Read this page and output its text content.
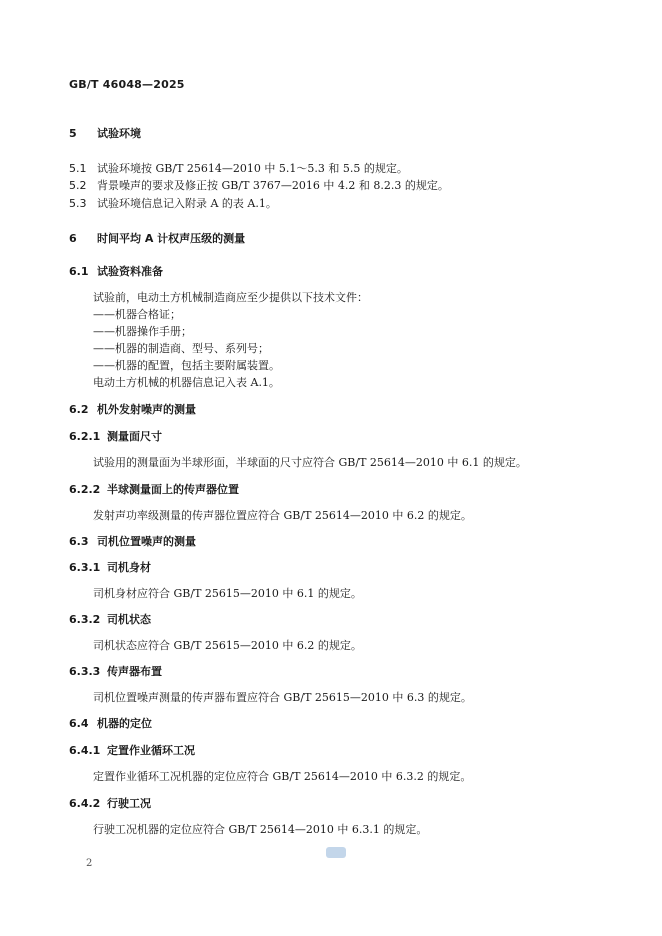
GB/T 46048—2025
5 试验环境
5.1 试验环境按 GB/T 25614—2010 中 5.1～5.3 和 5.5 的规定。
5.2 背景噪声的要求及修正按 GB/T 3767—2016 中 4.2 和 8.2.3 的规定。
5.3 试验环境信息记入附录 A 的表 A.1。
6 时间平均 A 计权声压级的测量
6.1 试验资料准备
试验前，电动土方机械制造商应至少提供以下技术文件：
——机器合格证；
——机器操作手册；
——机器的制造商、型号、系列号；
——机器的配置，包括主要附属装置。
电动土方机械的机器信息记入表 A.1。
6.2 机外发射噪声的测量
6.2.1 测量面尺寸
试验用的测量面为半球形面，半球面的尺寸应符合 GB/T 25614—2010 中 6.1 的规定。
6.2.2 半球测量面上的传声器位置
发射声功率级测量的传声器位置应符合 GB/T 25614—2010 中 6.2 的规定。
6.3 司机位置噪声的测量
6.3.1 司机身材
司机身材应符合 GB/T 25615—2010 中 6.1 的规定。
6.3.2 司机状态
司机状态应符合 GB/T 25615—2010 中 6.2 的规定。
6.3.3 传声器布置
司机位置噪声测量的传声器布置应符合 GB/T 25615—2010 中 6.3 的规定。
6.4 机器的定位
6.4.1 定置作业循环工况
定置作业循环工况机器的定位应符合 GB/T 25614—2010 中 6.3.2 的规定。
6.4.2 行驶工况
行驶工况机器的定位应符合 GB/T 25614—2010 中 6.3.1 的规定。
2
